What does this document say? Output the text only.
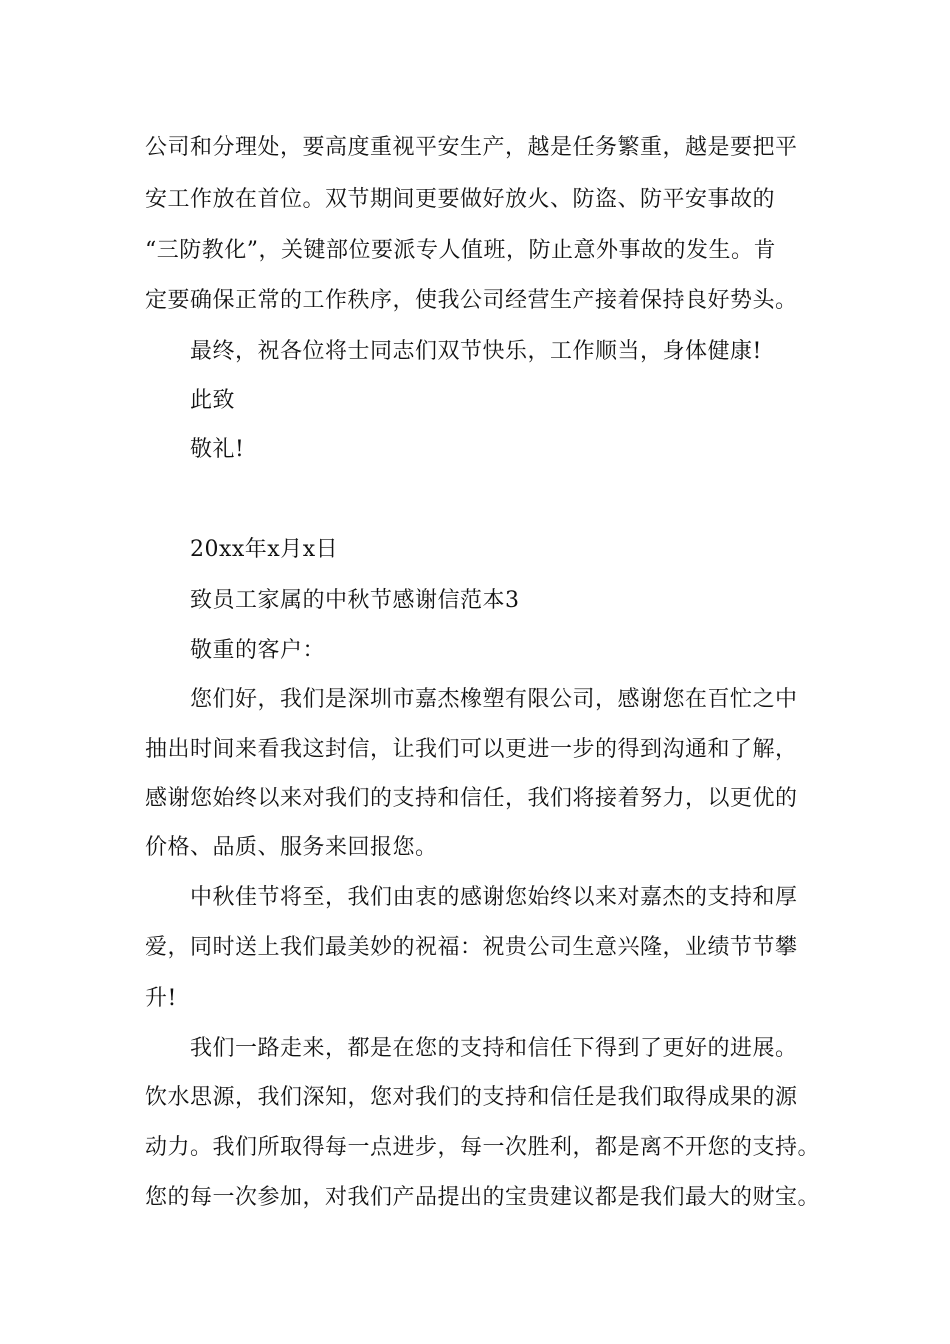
公司和分理处，要高度重视平安生产，越是任务繁重，越是要把平
安工作放在首位。双节期间更要做好放火、防盗、防平安事故的
“三防教化”，关键部位要派专人值班，防止意外事故的发生。肯
定要确保正常的工作秩序，使我公司经营生产接着保持良好势头。
最终，祝各位将士同志们双节快乐，工作顺当，身体健康!
此致
敬礼!
20xx年x月x日
致员工家属的中秋节感谢信范本3
敬重的客户：
您们好，我们是深圳市嘉杰橡塑有限公司，感谢您在百忙之中
抽出时间来看我这封信，让我们可以更进一步的得到沟通和了解，
感谢您始终以来对我们的支持和信任，我们将接着努力，以更优的
价格、品质、服务来回报您。
中秋佳节将至，我们由衷的感谢您始终以来对嘉杰的支持和厚
爱，同时送上我们最美妙的祝福：祝贵公司生意兴隆，业绩节节攀
升!
我们一路走来，都是在您的支持和信任下得到了更好的进展。
饮水思源，我们深知，您对我们的支持和信任是我们取得成果的源
动力。我们所取得每一点进步，每一次胜利，都是离不开您的支持。
您的每一次参加，对我们产品提出的宝贵建议都是我们最大的财宝。
